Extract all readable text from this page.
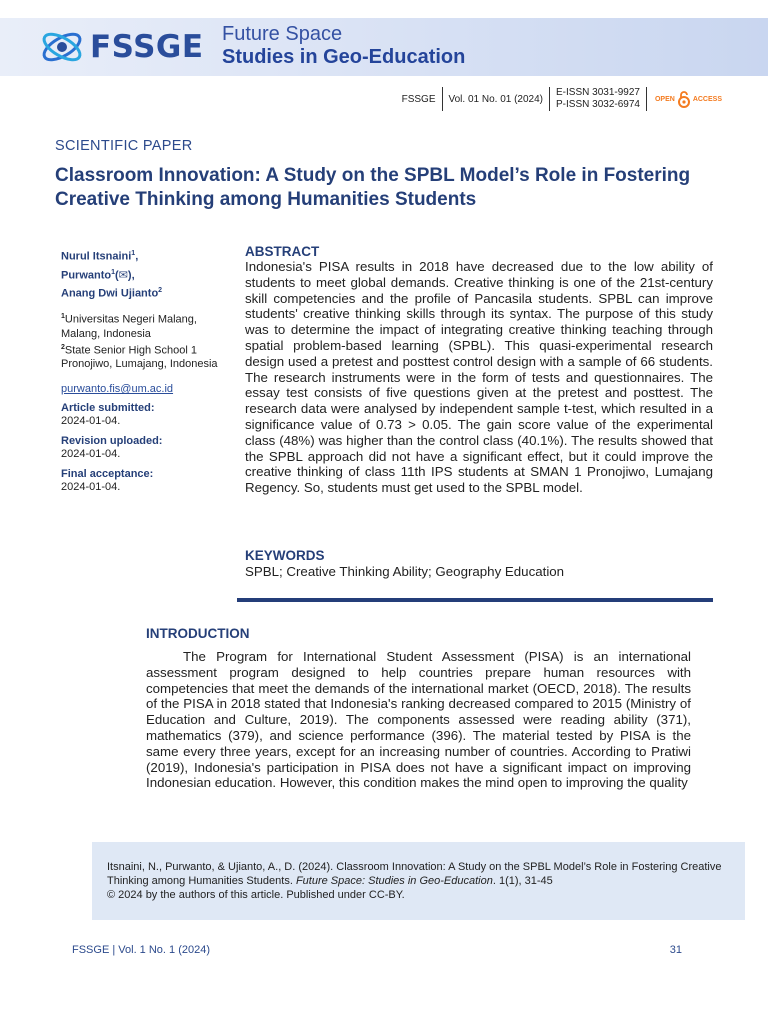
FSSGE Future Space
Studies in Geo-Education
FSSGE Vol. 01 No. 01 (2024)
E-ISSN 3031-9927
P-ISSN 3032-6974 OPEN	ACCESS
SCIENTIFIC PAPER
Classroom Innovation: A Study on the SPBL Model’s Role in Fostering Creative Thinking among Humanities Students
Nurul Itsnaini$^1$,
Purwanto$^1$(✉),
Anang Dwi Ujianto$^2$
$^1$Universitas Negeri Malang, Malang, Indonesia
$^2$State Senior High School 1 Pronojiwo, Lumajang, Indonesia
purwanto.fis@um.ac.id
Article submitted:
2024-01-04.
Revision uploaded:
2024-01-04.
Final acceptance:
2024-01-04.
ABSTRACT

Indonesia's PISA results in 2018 have decreased due to the low ability of students to meet global demands. Creative thinking is one of the 21st-century skill competencies and the profile of Pancasila students. SPBL can improve students' creative thinking skills through its syntax. The purpose of this study was to determine the impact of integrating creative thinking teaching through spatial problem-based learning (SPBL). This quasi-experimental research design used a pretest and posttest control design with a sample of 66 students. The research instruments were in the form of tests and questionnaires. The essay test consists of five questions given at the pretest and posttest. The research data were analysed by independent sample t-test, which resulted in a significance value of 0.73 > 0.05. The gain score value of the experimental class (48%) was higher than the control class (40.1%). The results showed that the SPBL approach did not have a significant effect, but it could improve the creative thinking of class 11th IPS students at SMAN 1 Pronojiwo, Lumajang Regency. So, students must get used to the SPBL model.

KEYWORDS
SPBL; Creative Thinking Ability; Geography Education
INTRODUCTION

The Program for International Student Assessment (PISA) is an international assessment program designed to help countries prepare human resources with competencies that meet the demands of the international market (OECD, 2018). The results of the PISA in 2018 stated that Indonesia's ranking decreased compared to 2015 (Ministry of Education and Culture, 2019). The components assessed were reading ability (371), mathematics (379), and science performance (396). The material tested by PISA is the same every three years, except for an increasing number of countries. According to Pratiwi (2019), Indonesia's participation in PISA does not have a significant impact on improving Indonesian education. However, this condition makes the mind open to improving the quality

Itsnaini, N., Purwanto, & Ujianto, A., D. (2024). Classroom Innovation: A Study on the SPBL Model’s Role in Fostering Creative Thinking among Humanities Students. Future Space: Studies in Geo-Education. 1(1), 31-45
© 2024 by the authors of this article. Published under CC-BY.
FSSGE | Vol. 1 No. 1 (2024)	31
